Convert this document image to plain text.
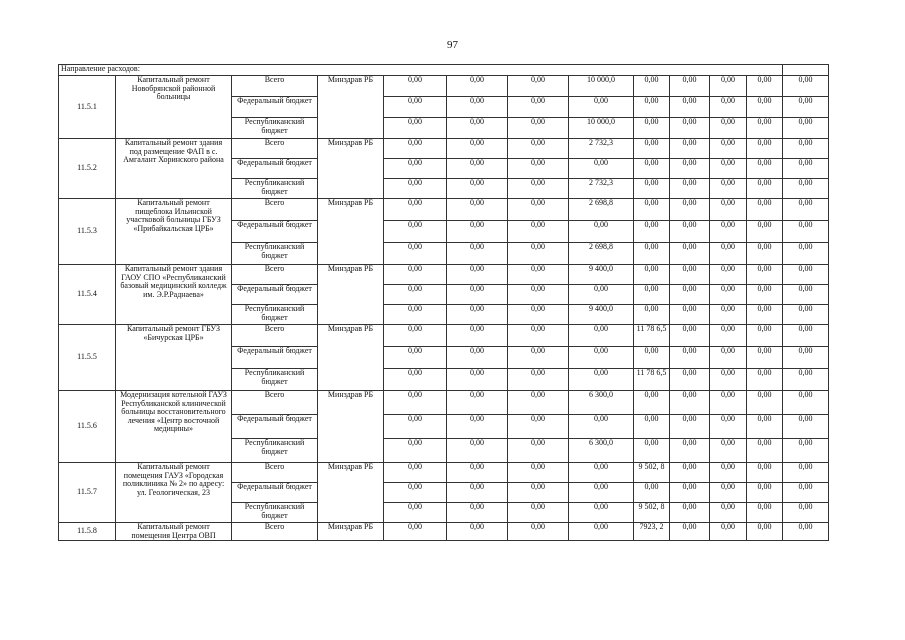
97
Направление расходов:												
11.5.1	Капитальный ремонт Новобрянской районной больницы	Всего	Минздрав РБ	0,00	0,00	0,00	10 000,0	0,00	0,00	0,00	0,00	0,00
		Федеральный бюджет		0,00	0,00	0,00	0,00	0,00	0,00	0,00	0,00	0,00
		Республиканский бюджет		0,00	0,00	0,00	10 000,0	0,00	0,00	0,00	0,00	0,00
11.5.2	Капитальный ремонт здания под размещение ФАП в с. Амгалант Хоринского района	Всего	Минздрав РБ	0,00	0,00	0,00	2 732,3	0,00	0,00	0,00	0,00	0,00
		Федеральный бюджет		0,00	0,00	0,00	0,00	0,00	0,00	0,00	0,00	0,00
		Республиканский бюджет		0,00	0,00	0,00	2 732,3	0,00	0,00	0,00	0,00	0,00
11.5.3	Капитальный ремонт пищеблока Ильинской участковой больницы ГБУЗ «Прибайкальская ЦРБ»	Всего	Минздрав РБ	0,00	0,00	0,00	2 698,8	0,00	0,00	0,00	0,00	0,00
		Федеральный бюджет		0,00	0,00	0,00	0,00	0,00	0,00	0,00	0,00	0,00
		Республиканский бюджет		0,00	0,00	0,00	2 698,8	0,00	0,00	0,00	0,00	0,00
11.5.4	Капитальный ремонт здания ГАОУ СПО «Республиканский базовый медицинский колледж им. Э.Р.Раднаева»	Всего	Минздрав РБ	0,00	0,00	0,00	9 400,0	0,00	0,00	0,00	0,00	0,00
		Федеральный бюджет		0,00	0,00	0,00	0,00	0,00	0,00	0,00	0,00	0,00
		Республиканский бюджет		0,00	0,00	0,00	9 400,0	0,00	0,00	0,00	0,00	0,00
11.5.5	Капитальный ремонт ГБУЗ «Бичурская ЦРБ»	Всего	Минздрав РБ	0,00	0,00	0,00	0,00	11 78 6,5	0,00	0,00	0,00	0,00
		Федеральный бюджет		0,00	0,00	0,00	0,00	0,00	0,00	0,00	0,00	0,00
		Республиканский бюджет		0,00	0,00	0,00	0,00	11 78 6,5	0,00	0,00	0,00	0,00
11.5.6	Модернизация котельной ГАУЗ Республиканской клинической больницы восстановительного лечения «Центр восточной медицины»	Всего	Минздрав РБ	0,00	0,00	0,00	6 300,0	0,00	0,00	0,00	0,00	0,00
		Федеральный бюджет		0,00	0,00	0,00	0,00	0,00	0,00	0,00	0,00	0,00
		Республиканский бюджет		0,00	0,00	0,00	6 300,0	0,00	0,00	0,00	0,00	0,00
11.5.7	Капитальный ремонт помещения ГАУЗ «Городская поликлиника № 2» по адресу: ул. Геологическая, 23	Всего	Минздрав РБ	0,00	0,00	0,00	0,00	9 502, 8	0,00	0,00	0,00	0,00
		Федеральный бюджет		0,00	0,00	0,00	0,00	0,00	0,00	0,00	0,00	0,00
		Республиканский бюджет		0,00	0,00	0,00	0,00	9 502, 8	0,00	0,00	0,00	0,00
11.5.8	Капитальный ремонт помещения Центра ОВП	Всего	Минздрав РБ	0,00	0,00	0,00	0,00	7923, 2	0,00	0,00	0,00	0,00
